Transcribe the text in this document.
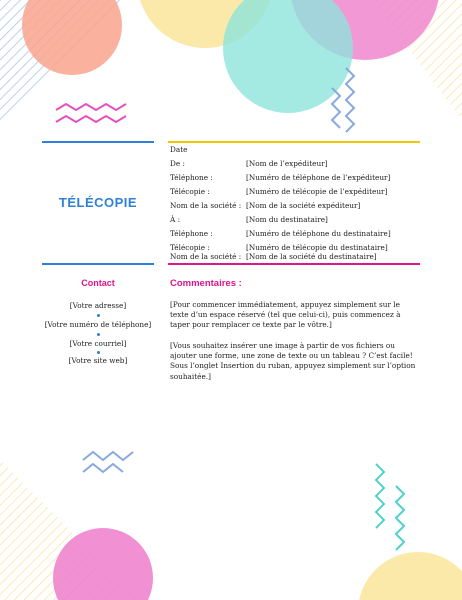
TÉLÉCOPIE
Date
De :	[Nom de l’expéditeur]
Téléphone :	[Numéro de téléphone de l’expéditeur]
Télécopie :	[Numéro de télécopie de l’expéditeur]
Nom de la société : [Nom de la société expéditeur]
À :	[Nom du destinataire]
Téléphone :	[Numéro de téléphone du destinataire]
Télécopie :	[Numéro de télécopie du destinataire]
Nom de la société : [Nom de la société du destinataire]
Contact
[Votre adresse]
[Votre numéro de téléphone]
[Votre courriel]
[Votre site web]
Commentaires :
[Pour commencer immédiatement, appuyez simplement sur le texte d’un espace réservé (tel que celui-ci), puis commencez à taper pour remplacer ce texte par le vôtre.]
[Vous souhaitez insérer une image à partir de vos fichiers ou ajouter une forme, une zone de texte ou un tableau ? C’est facile! Sous l’onglet Insertion du ruban, appuyez simplement sur l’option souhaitée.]
